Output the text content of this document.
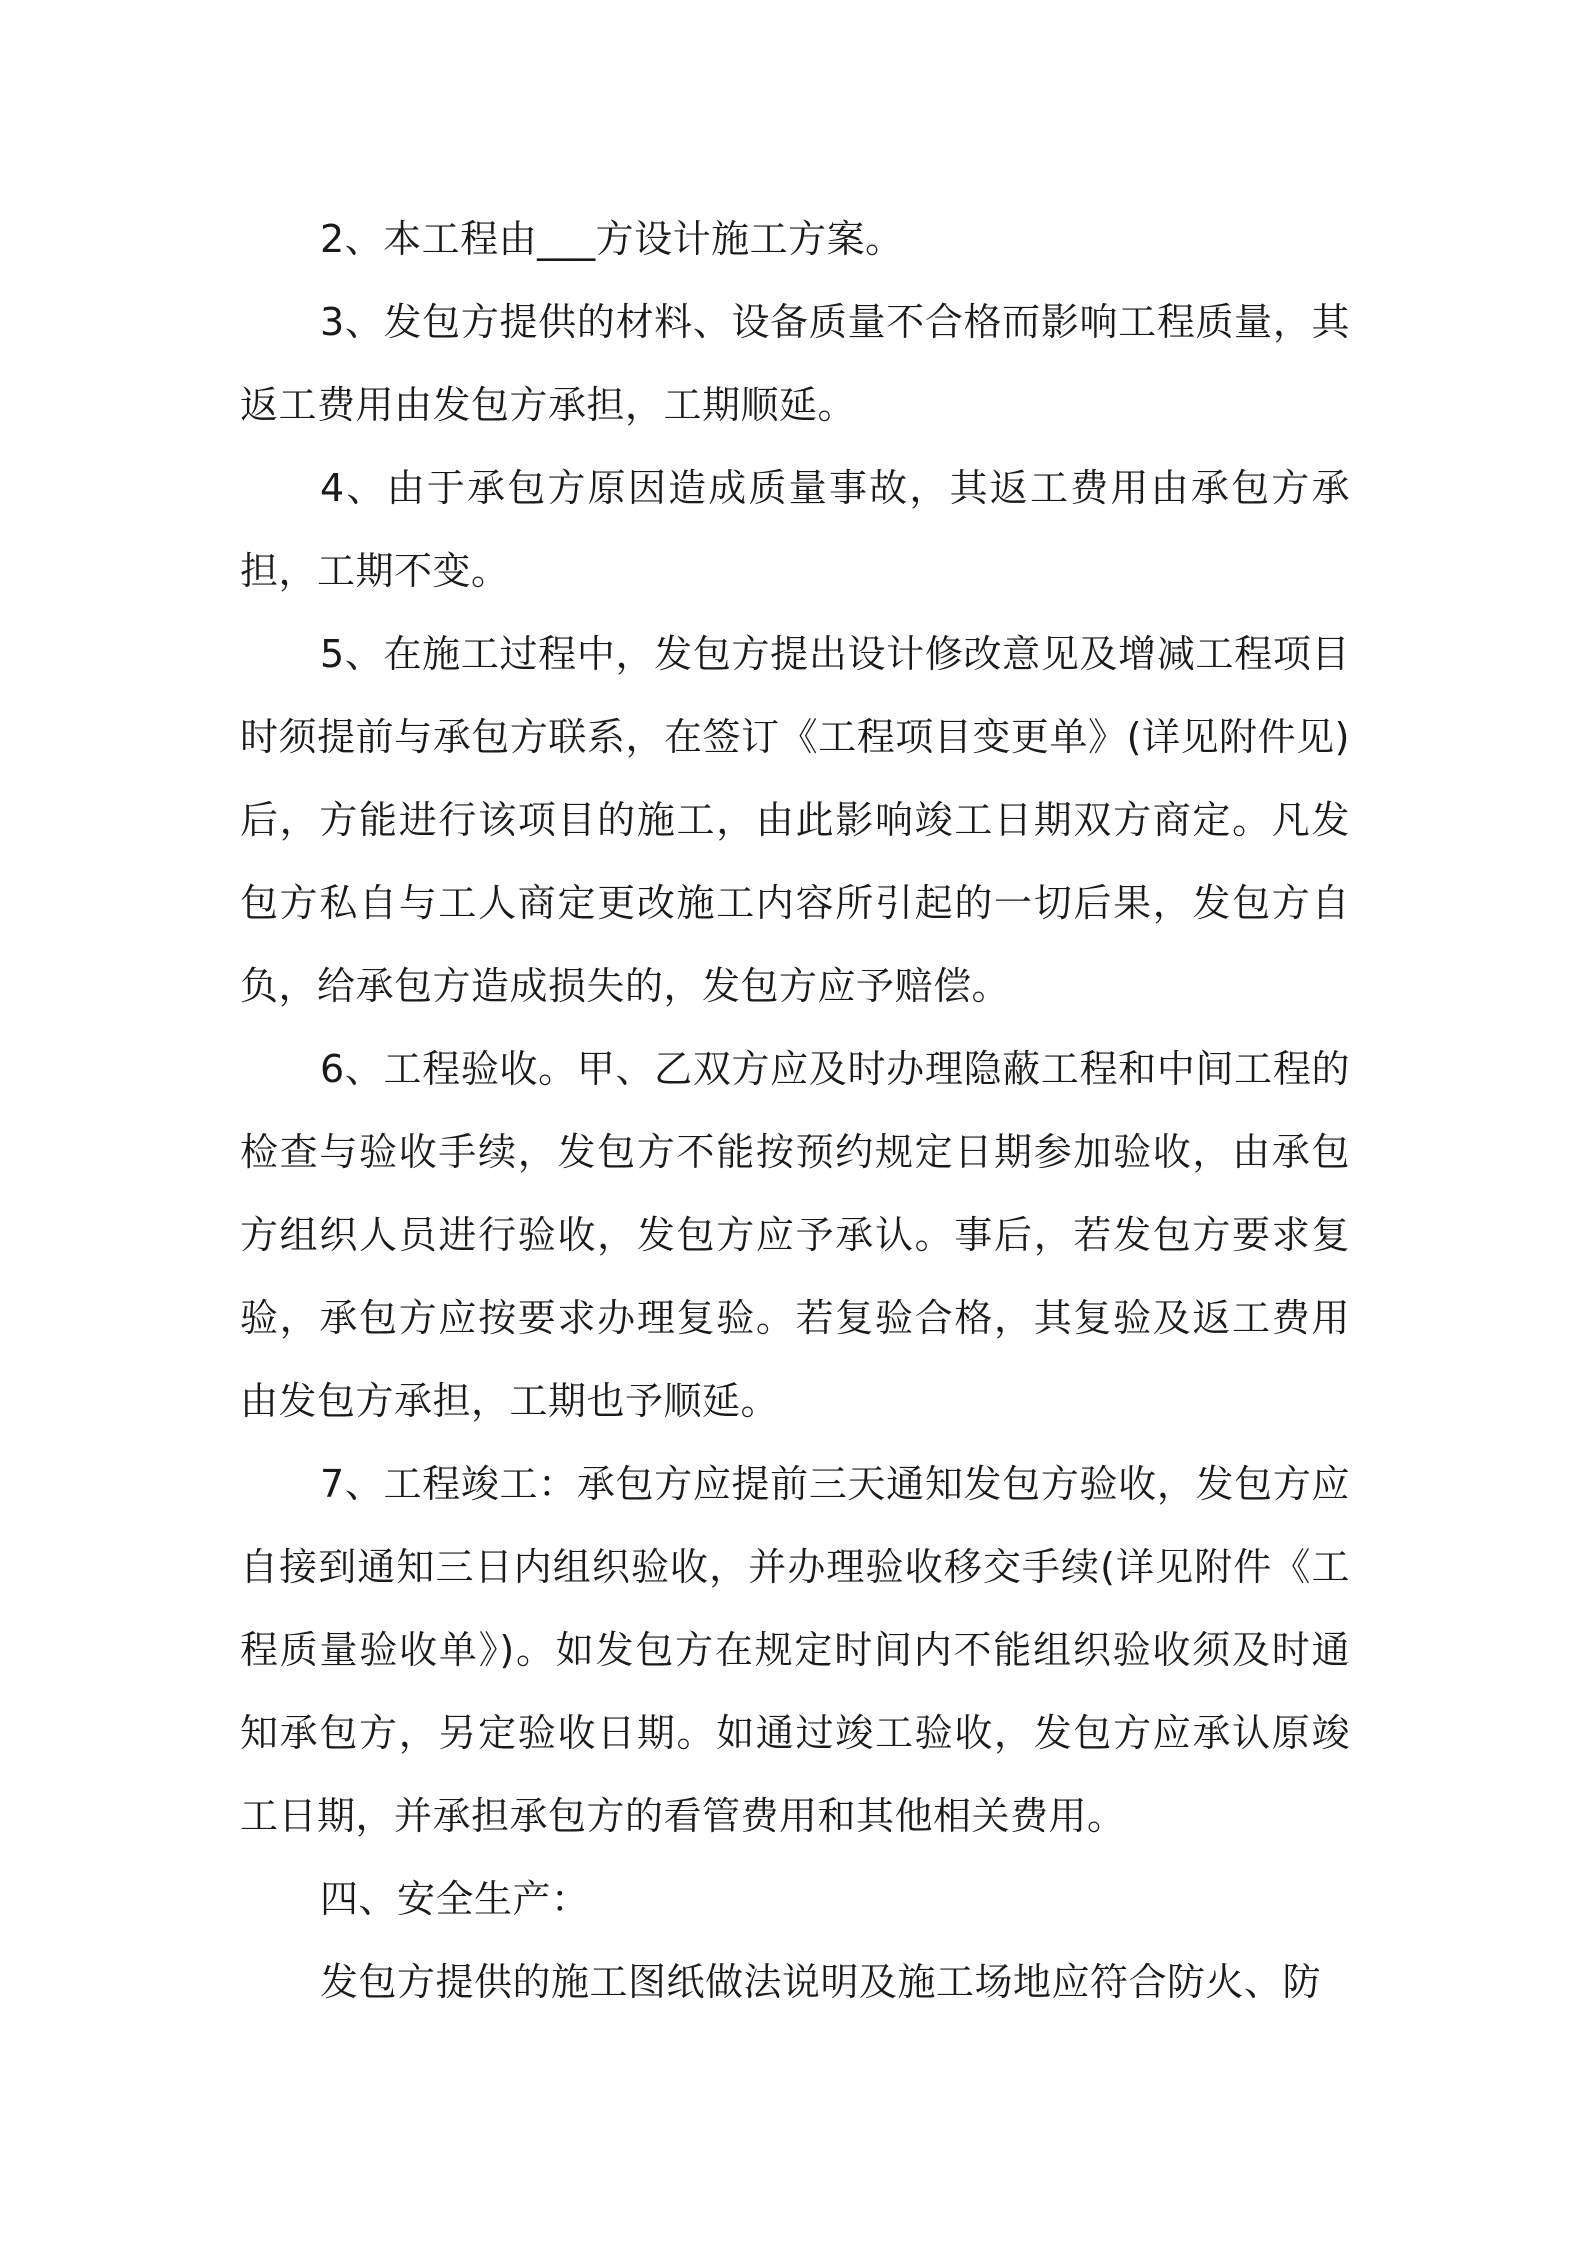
2、本工程由___方设计施工方案。

3、发包方提供的材料、设备质量不合格而影响工程质量，其返工费用由发包方承担，工期顺延。

4、由于承包方原因造成质量事故，其返工费用由承包方承担，工期不变。

5、在施工过程中，发包方提出设计修改意见及增减工程项目时须提前与承包方联系，在签订《工程项目变更单》(详见附件见)后，方能进行该项目的施工，由此影响竣工日期双方商定。凡发包方私自与工人商定更改施工内容所引起的一切后果，发包方自负，给承包方造成损失的，发包方应予赔偿。

6、工程验收。甲、乙双方应及时办理隐蔽工程和中间工程的检查与验收手续，发包方不能按预约规定日期参加验收，由承包方组织人员进行验收，发包方应予承认。事后，若发包方要求复验，承包方应按要求办理复验。若复验合格，其复验及返工费用由发包方承担，工期也予顺延。

7、工程竣工：承包方应提前三天通知发包方验收，发包方应自接到通知三日内组织验收，并办理验收移交手续(详见附件《工程质量验收单》)。如发包方在规定时间内不能组织验收须及时通知承包方，另定验收日期。如通过竣工验收，发包方应承认原竣工日期，并承担承包方的看管费用和其他相关费用。

四、安全生产：

发包方提供的施工图纸做法说明及施工场地应符合防火、防
